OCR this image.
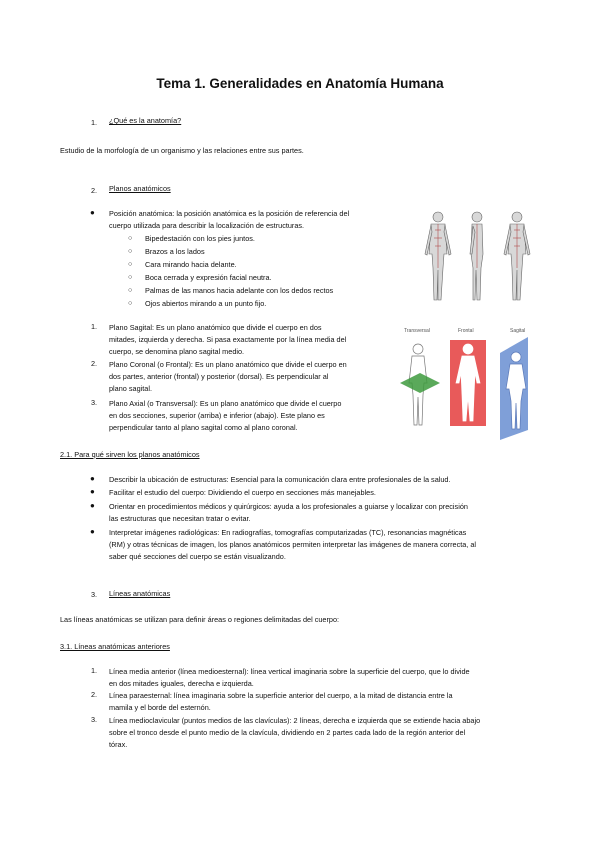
Tema 1. Generalidades en Anatomía Humana
1. ¿Qué es la anatomía?
Estudio de la morfología de un organismo y las relaciones entre sus partes.
2. Planos anatómicos
● Posición anatómica: la posición anatómica es la posición de referencia del
cuerpo utilizada para describir la localización de estructuras.
○ Bipedestación con los pies juntos.
○ Brazos a los lados
○ Cara mirando hacia delante.
○ Boca cerrada y expresión facial neutra.
○ Palmas de las manos hacia adelante con los dedos rectos
○ Ojos abiertos mirando a un punto fijo.
1. Plano Sagital: Es un plano anatómico que divide el cuerpo en dos
mitades, izquierda y derecha. Si pasa exactamente por la línea media del
cuerpo, se denomina plano sagital medio.
2. Plano Coronal (o Frontal): Es un plano anatómico que divide el cuerpo en
dos partes, anterior (frontal) y posterior (dorsal). Es perpendicular al
plano sagital.
3. Plano Axial (o Transversal): Es un plano anatómico que divide el cuerpo
en dos secciones, superior (arriba) e inferior (abajo). Este plano es
perpendicular tanto al plano sagital como al plano coronal.
Transversal	Frontal	Sagital
2.1. Para qué sirven los planos anatómicos
● Describir la ubicación de estructuras: Esencial para la comunicación clara entre profesionales de la salud.
● Facilitar el estudio del cuerpo: Dividiendo el cuerpo en secciones más manejables.
● Orientar en procedimientos médicos y quirúrgicos: ayuda a los profesionales a guiarse y localizar con precisión
las estructuras que necesitan tratar o evitar.
● Interpretar imágenes radiológicas: En radiografías, tomografías computarizadas (TC), resonancias magnéticas
(RM) y otras técnicas de imagen, los planos anatómicos permiten interpretar las imágenes de manera correcta, al
saber qué secciones del cuerpo se están visualizando.
3. Líneas anatómicas
Las líneas anatómicas se utilizan para definir áreas o regiones delimitadas del cuerpo:
3.1. Líneas anatómicas anteriores
1. Línea media anterior (línea medioesternal): línea vertical imaginaria sobre la superficie del cuerpo, que lo divide
en dos mitades iguales, derecha e izquierda.
2. Línea paraesternal: línea imaginaria sobre la superficie anterior del cuerpo, a la mitad de distancia entre la
mamila y el borde del esternón.
3. Línea medioclavicular (puntos medios de las clavículas): 2 líneas, derecha e izquierda que se extiende hacia abajo
sobre el tronco desde el punto medio de la clavícula, dividiendo en 2 partes cada lado de la región anterior del
tórax.
